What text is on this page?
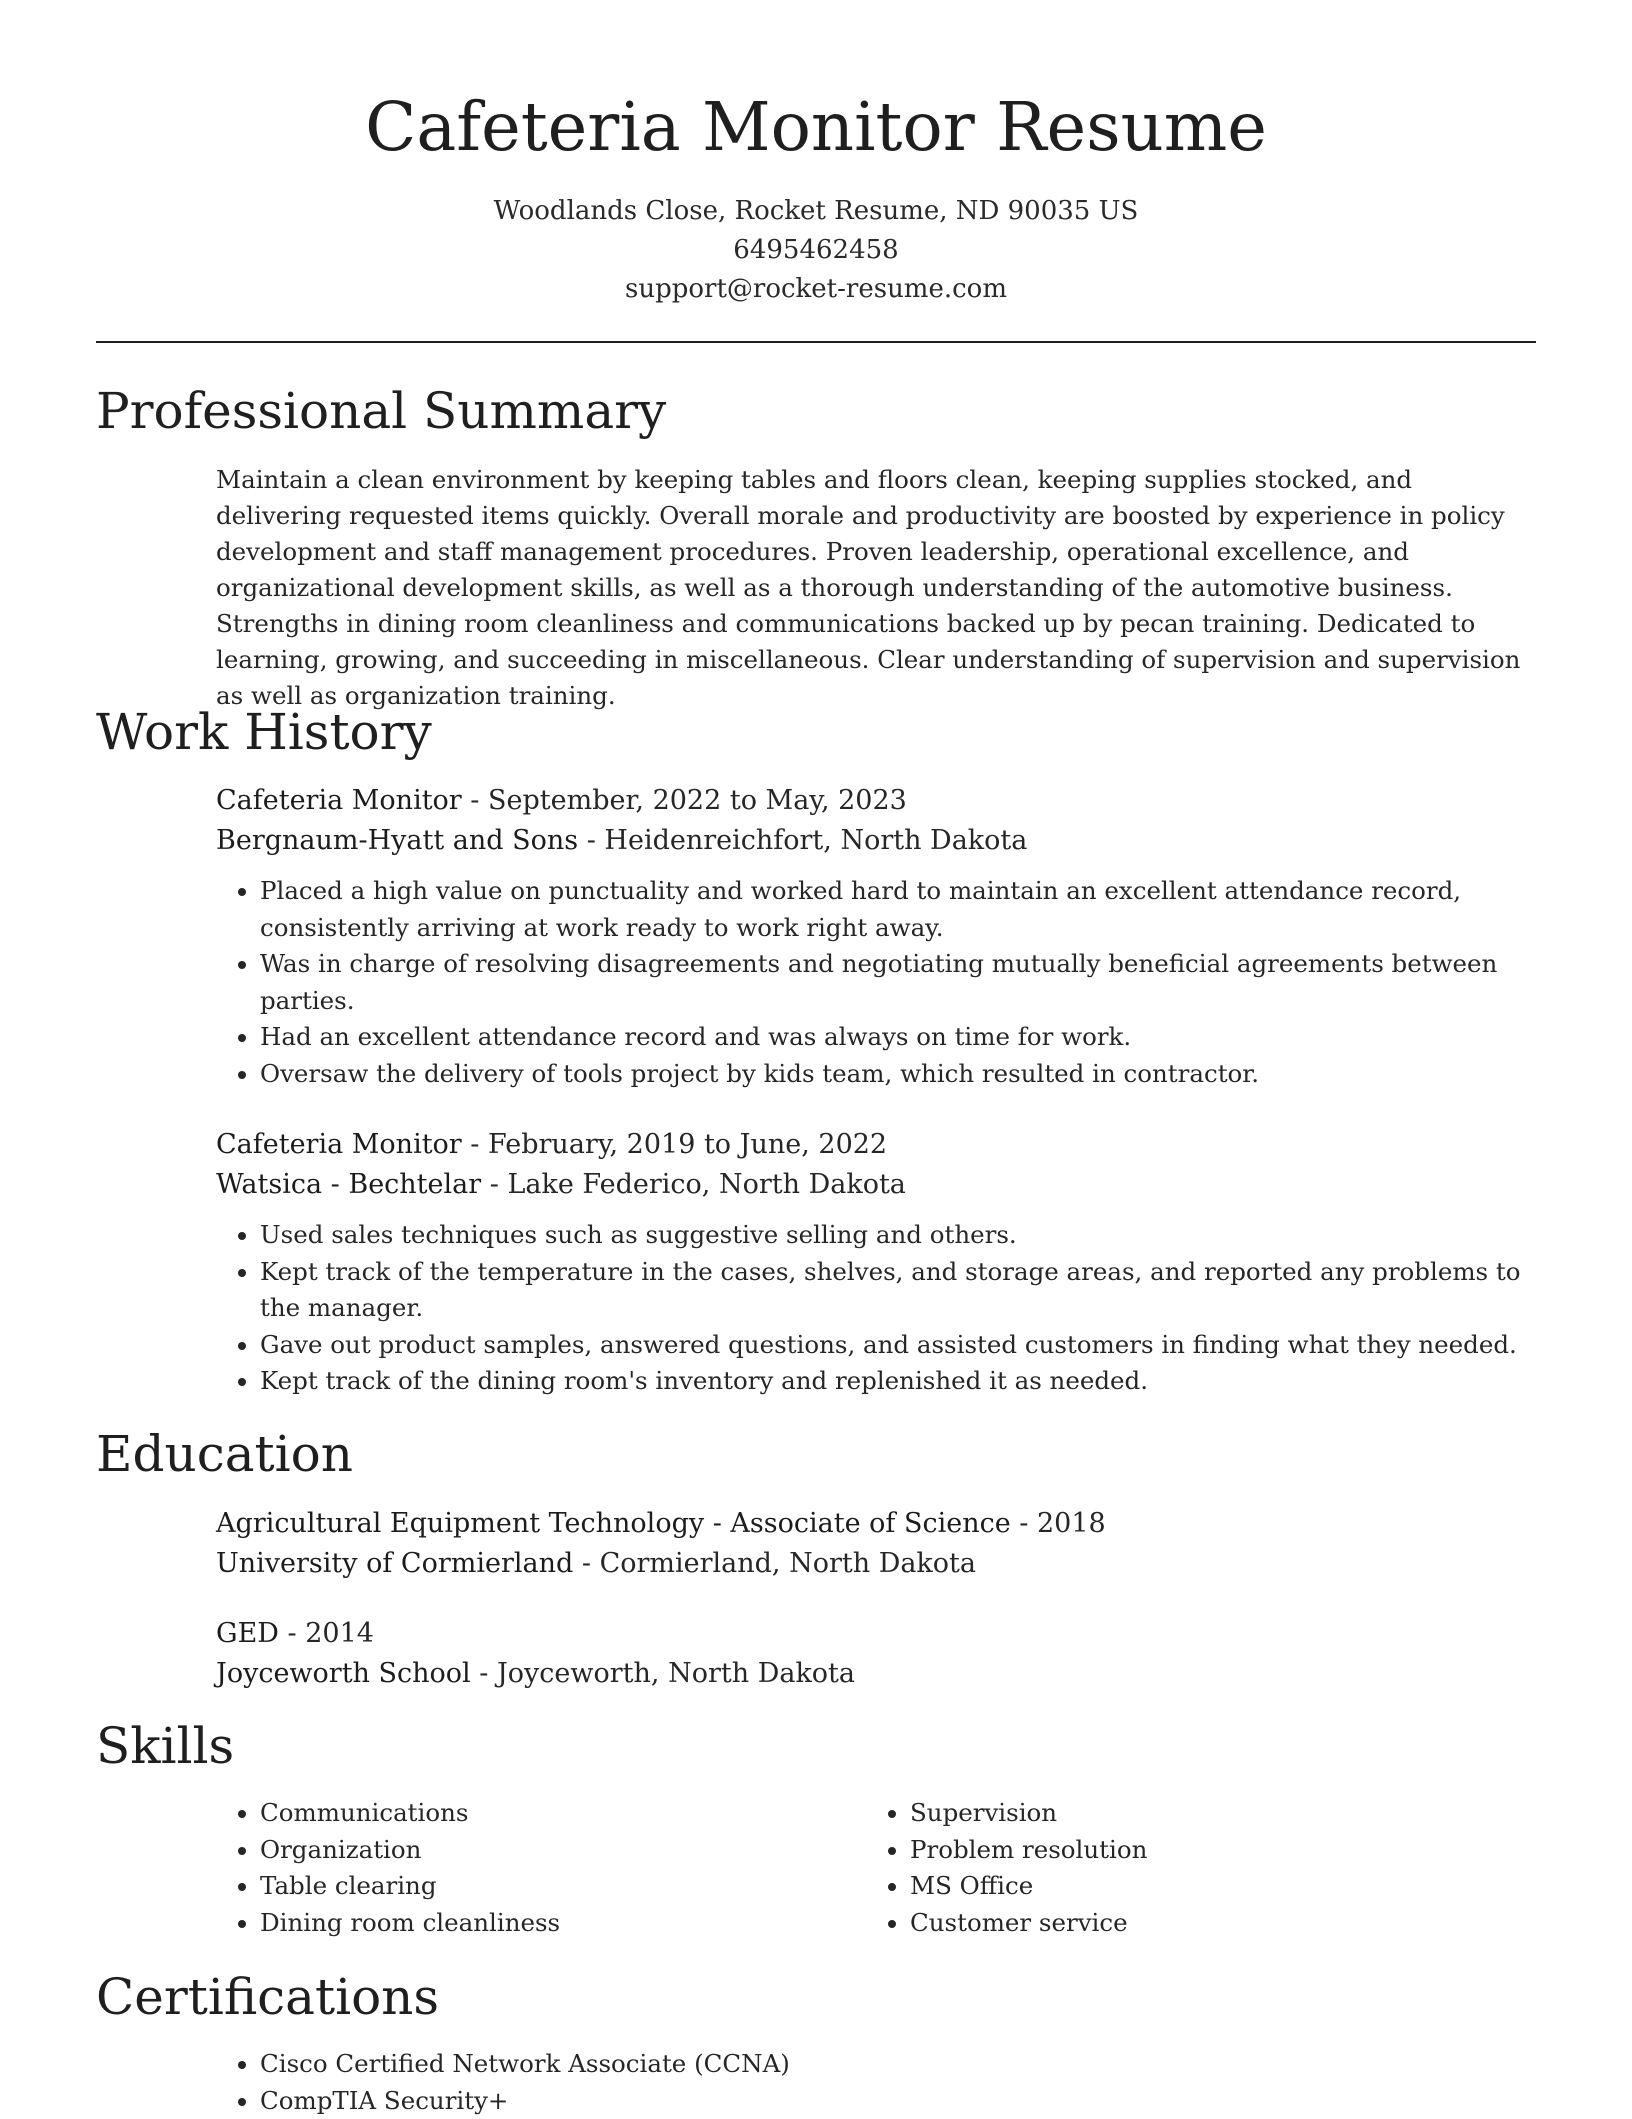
Cafeteria Monitor Resume
Woodlands Close, Rocket Resume, ND 90035 US
6495462458
support@rocket-resume.com
Professional Summary

Maintain a clean environment by keeping tables and floors clean, keeping supplies stocked, and delivering requested items quickly. Overall morale and productivity are boosted by experience in policy development and staff management procedures. Proven leadership, operational excellence, and organizational development skills, as well as a thorough understanding of the automotive business. Strengths in dining room cleanliness and communications backed up by pecan training. Dedicated to learning, growing, and succeeding in miscellaneous. Clear understanding of supervision and supervision as well as organization training.

Work History
Cafeteria Monitor - September, 2022 to May, 2023
Bergnaum-Hyatt and Sons - Heidenreichfort, North Dakota
• Placed a high value on punctuality and worked hard to maintain an excellent attendance record, consistently arriving at work ready to work right away.
• Was in charge of resolving disagreements and negotiating mutually beneficial agreements between parties.
• Had an excellent attendance record and was always on time for work.
• Oversaw the delivery of tools project by kids team, which resulted in contractor.
Cafeteria Monitor - February, 2019 to June, 2022
Watsica - Bechtelar - Lake Federico, North Dakota
• Used sales techniques such as suggestive selling and others.
• Kept track of the temperature in the cases, shelves, and storage areas, and reported any problems to the manager.
• Gave out product samples, answered questions, and assisted customers in finding what they needed.
• Kept track of the dining room's inventory and replenished it as needed.
Education
Agricultural Equipment Technology - Associate of Science - 2018
University of Cormierland - Cormierland, North Dakota
GED - 2014
Joyceworth School - Joyceworth, North Dakota
Skills
• Communications
• Organization
• Table clearing
• Dining room cleanliness
• Supervision
• Problem resolution
• MS Office
• Customer service
Certifications
• Cisco Certified Network Associate (CCNA)
• CompTIA Security+
